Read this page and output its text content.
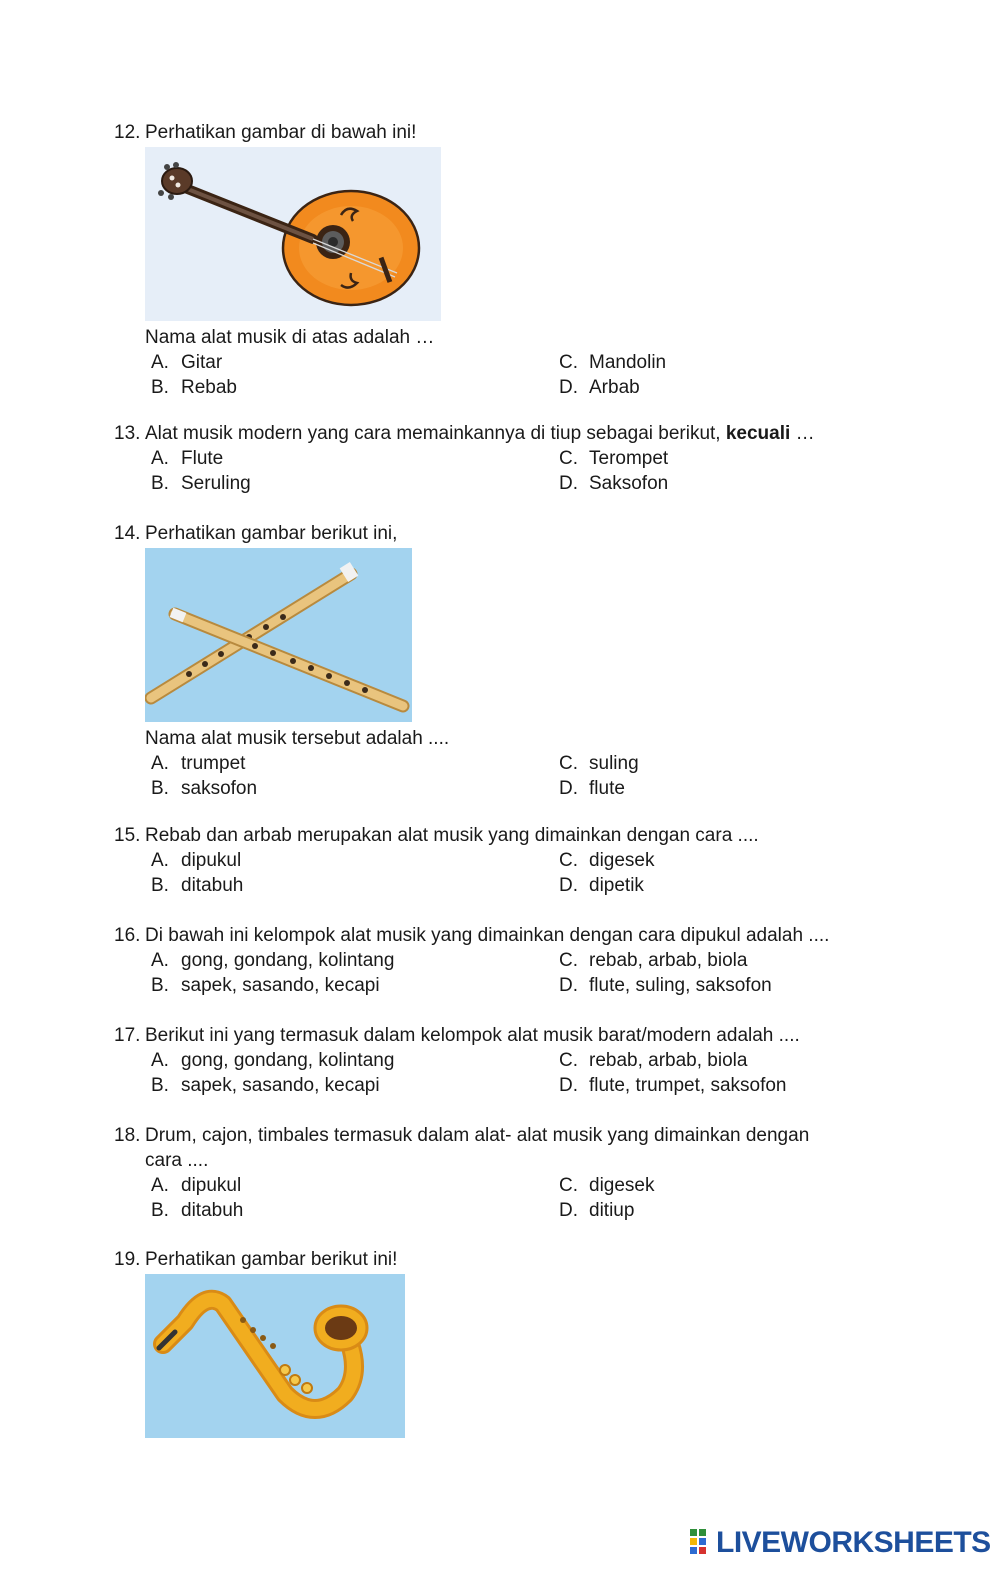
12. Perhatikan gambar di bawah ini!
Nama alat musik di atas adalah …
A. Gitar	C. Mandolin
B. Rebab	D. Arbab
13. Alat musik modern yang cara memainkannya di tiup sebagai berikut, kecuali …
A. Flute	C. Terompet
B. Seruling	D. Saksofon
14. Perhatikan gambar berikut ini,
Nama alat musik tersebut adalah ....
A. trumpet	C. suling
B. saksofon	D. flute
15. Rebab dan arbab merupakan alat musik yang dimainkan dengan cara ....
A. dipukul	C. digesek
B. ditabuh	D. dipetik
16. Di bawah ini kelompok alat musik yang dimainkan dengan cara dipukul adalah ....
A. gong, gondang, kolintang	C. rebab, arbab, biola
B. sapek, sasando, kecapi	D. flute, suling, saksofon
17. Berikut ini yang termasuk dalam kelompok alat musik barat/modern adalah ....
A. gong, gondang, kolintang	C. rebab, arbab, biola
B. sapek, sasando, kecapi	D. flute, trumpet, saksofon
18. Drum, cajon, timbales termasuk dalam alat- alat musik yang dimainkan dengan
cara ....
A. dipukul	C. digesek
B. ditabuh	D. ditiup
19. Perhatikan gambar berikut ini!
LIVEWORKSHEETS
